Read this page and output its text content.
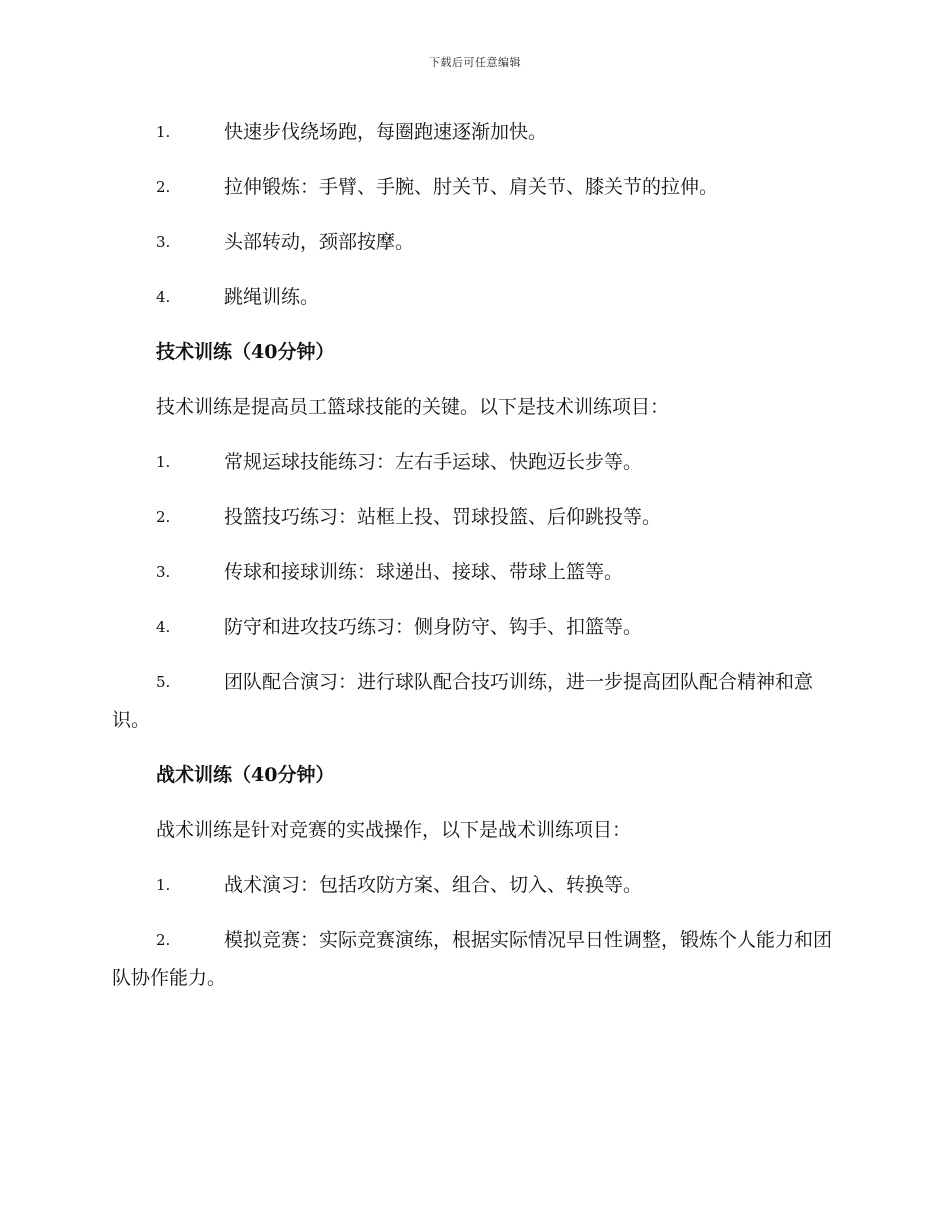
下载后可任意编辑
1.	快速步伐绕场跑，每圈跑速逐渐加快。
2.	拉伸锻炼：手臂、手腕、肘关节、肩关节、膝关节的拉伸。
3.	头部转动，颈部按摩。
4.	跳绳训练。
技术训练（40分钟）
技术训练是提高员工篮球技能的关键。以下是技术训练项目：
1.	常规运球技能练习：左右手运球、快跑迈长步等。
2.	投篮技巧练习：站框上投、罚球投篮、后仰跳投等。
3.	传球和接球训练：球递出、接球、带球上篮等。
4.	防守和进攻技巧练习：侧身防守、钩手、扣篮等。
5.	团队配合演习：进行球队配合技巧训练，进一步提高团队配合精神和意识。
战术训练（40分钟）
战术训练是针对竞赛的实战操作，以下是战术训练项目：
1.	战术演习：包括攻防方案、组合、切入、转换等。
2.	模拟竞赛：实际竞赛演练，根据实际情况早日性调整，锻炼个人能力和团队协作能力。
